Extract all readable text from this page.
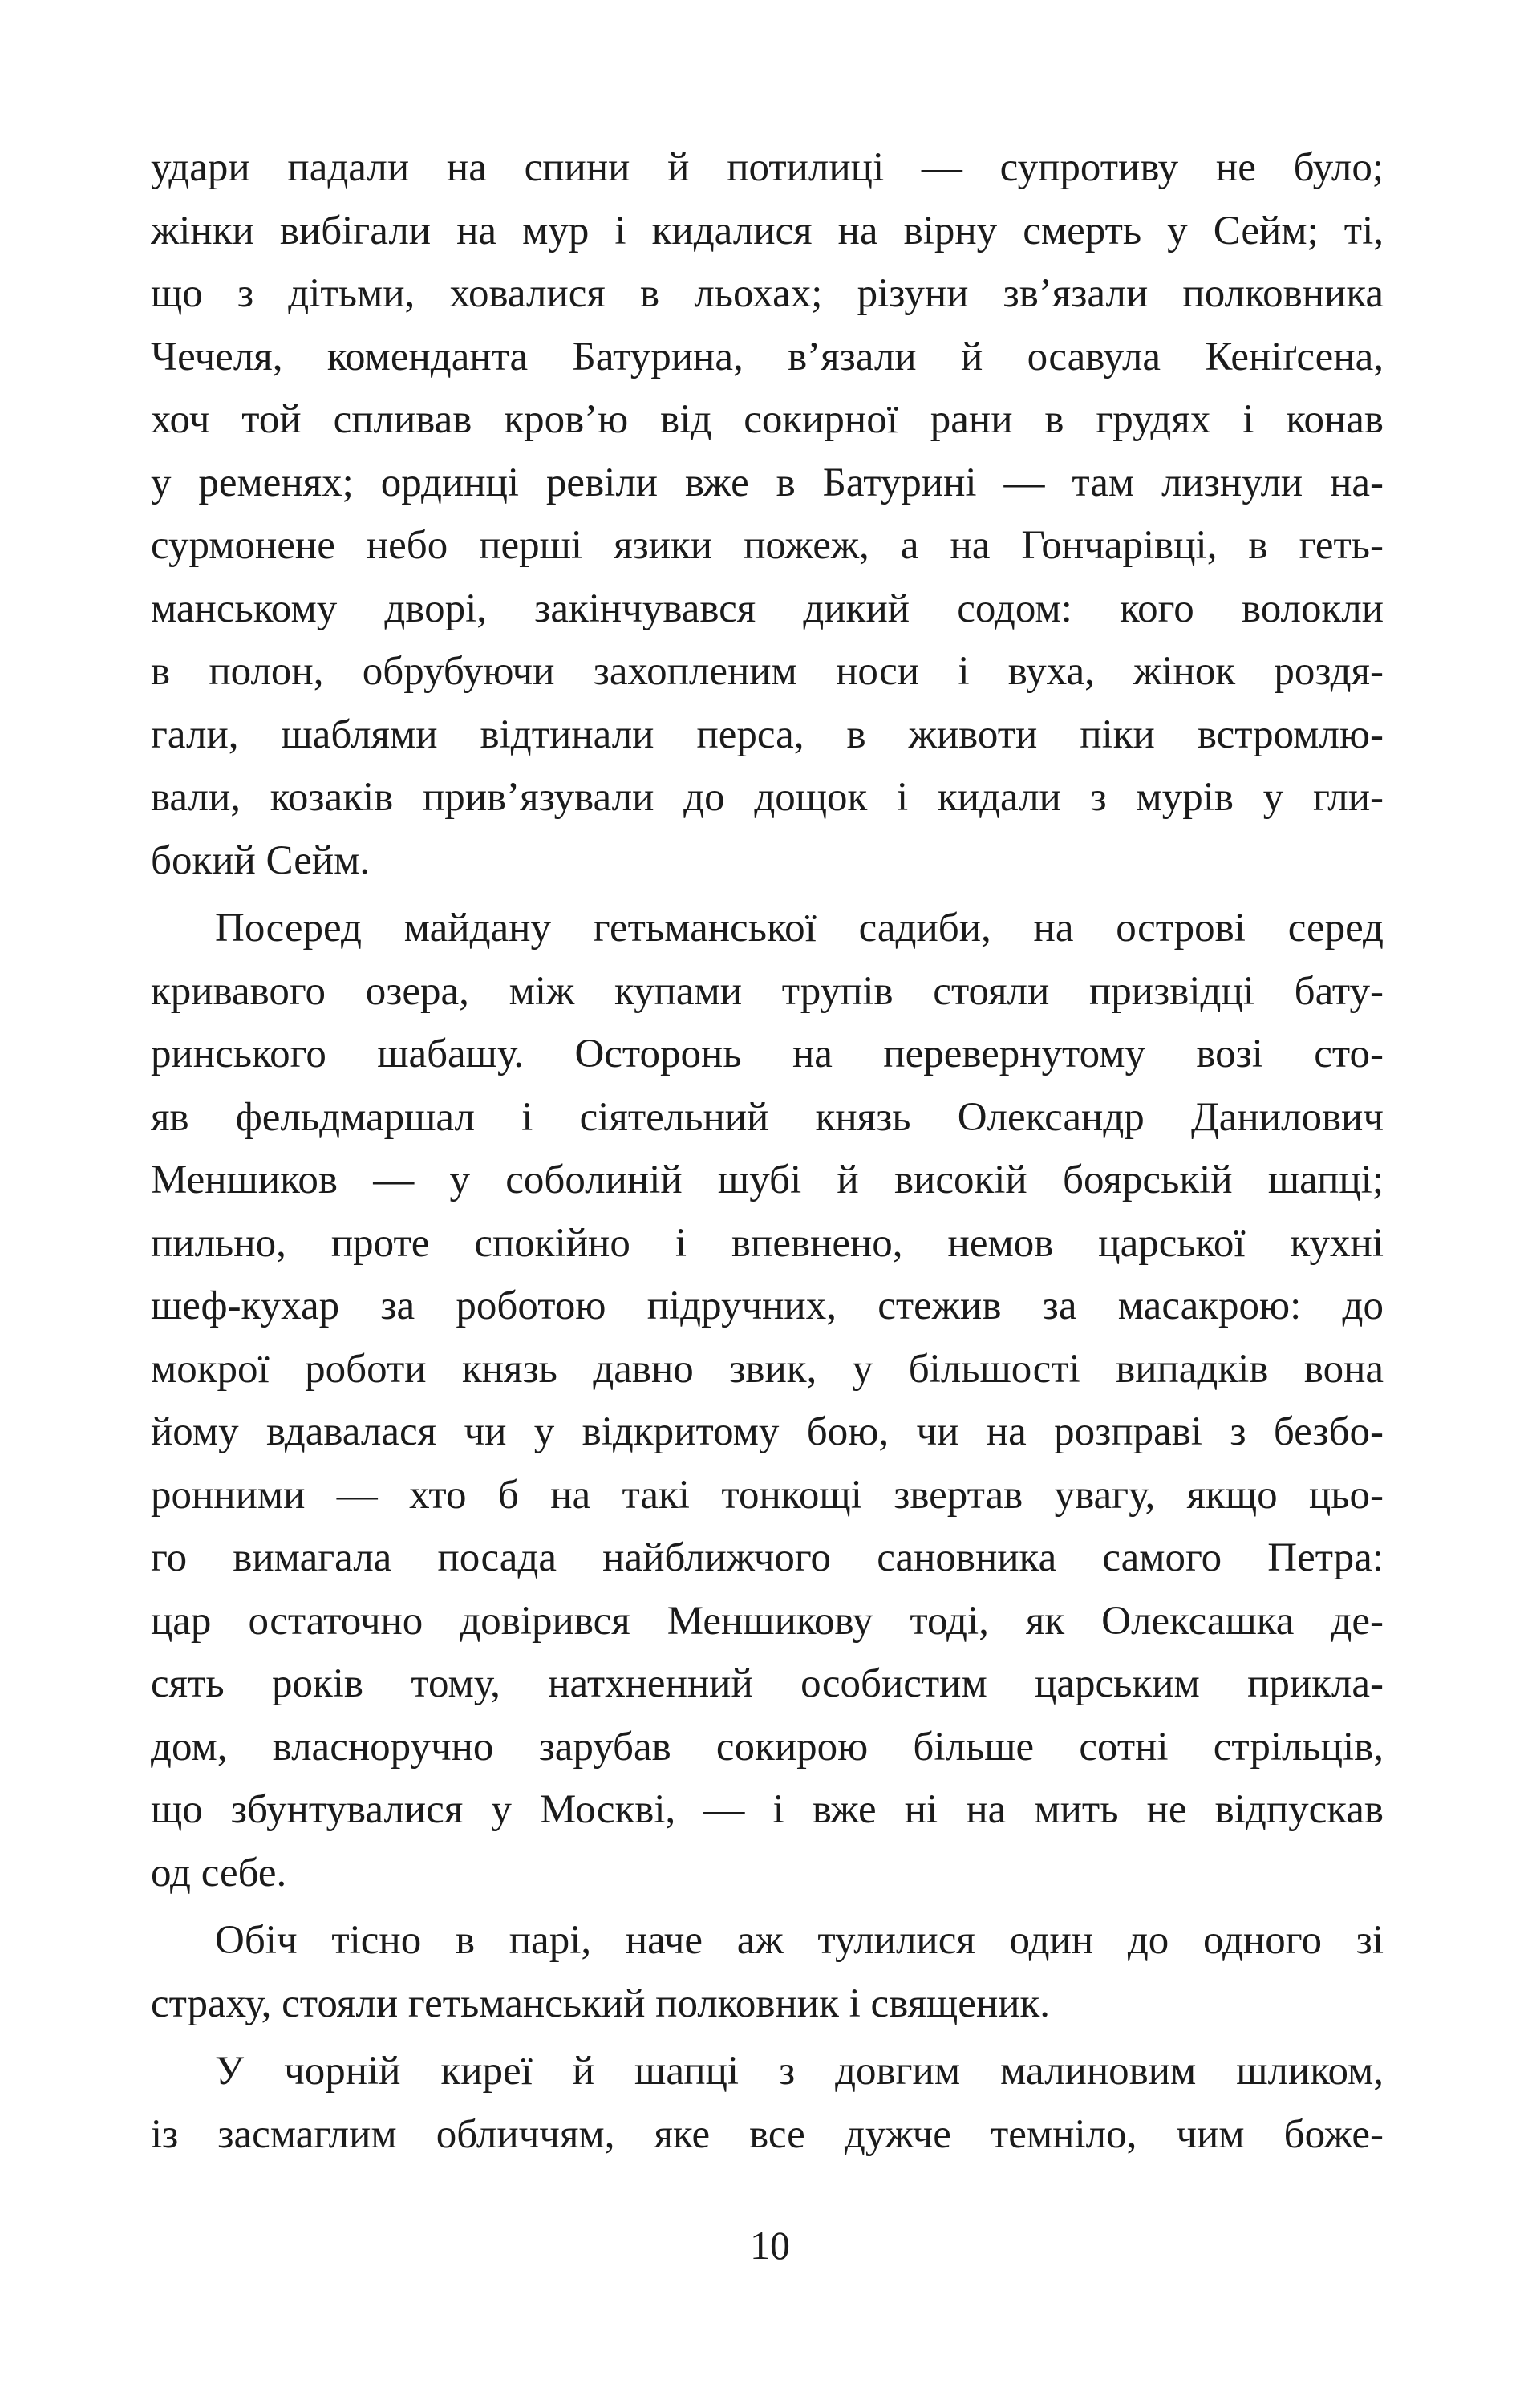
удари падали на спини й потилиці — супротиву не було;
жінки вибігали на мур і кидалися на вірну смерть у Сейм; ті,
що з дітьми, ховалися в льохах; різуни зв’язали полковника
Чечеля, коменданта Батурина, в’язали й осавула Кеніґсена,
хоч той спливав кров’ю від сокирної рани в грудях і конав
у ременях; ординці ревіли вже в Батурині — там лизнули на-
сурмонене небо перші язики пожеж, а на Гончарівці, в геть-
манському дворі, закінчувався дикий содом: кого волокли
в полон, обрубуючи захопленим носи і вуха, жінок роздя-
гали, шаблями відтинали перса, в животи піки встромлю-
вали, козаків прив’язували до дощок і кидали з мурів у гли-
бокий Сейм.
Посеред майдану гетьманської садиби, на острові серед
кривавого озера, між купами трупів стояли призвідці бату-
ринського шабашу. Осторонь на перевернутому возі сто-
яв фельдмаршал і сіятельний князь Олександр Данилович
Меншиков — у соболиній шубі й високій боярській шапці;
пильно, проте спокійно і впевнено, немов царської кухні
шеф-кухар за роботою підручних, стежив за масакрою: до
мокрої роботи князь давно звик, у більшості випадків вона
йому вдавалася чи у відкритому бою, чи на розправі з безбо-
ронними — хто б на такі тонкощі звертав увагу, якщо цьо-
го вимагала посада найближчого сановника самого Петра:
цар остаточно довірився Меншикову тоді, як Олексашка де-
сять років тому, натхненний особистим царським прикла-
дом, власноручно зарубав сокирою більше сотні стрільців,
що збунтувалися у Москві, — і вже ні на мить не відпускав
од себе.
Обіч тісно в парі, наче аж тулилися один до одного зі
страху, стояли гетьманський полковник і священик.
У чорній киреї й шапці з довгим малиновим шликом,
із засмаглим обличчям, яке все дужче темніло, чим боже-
10
